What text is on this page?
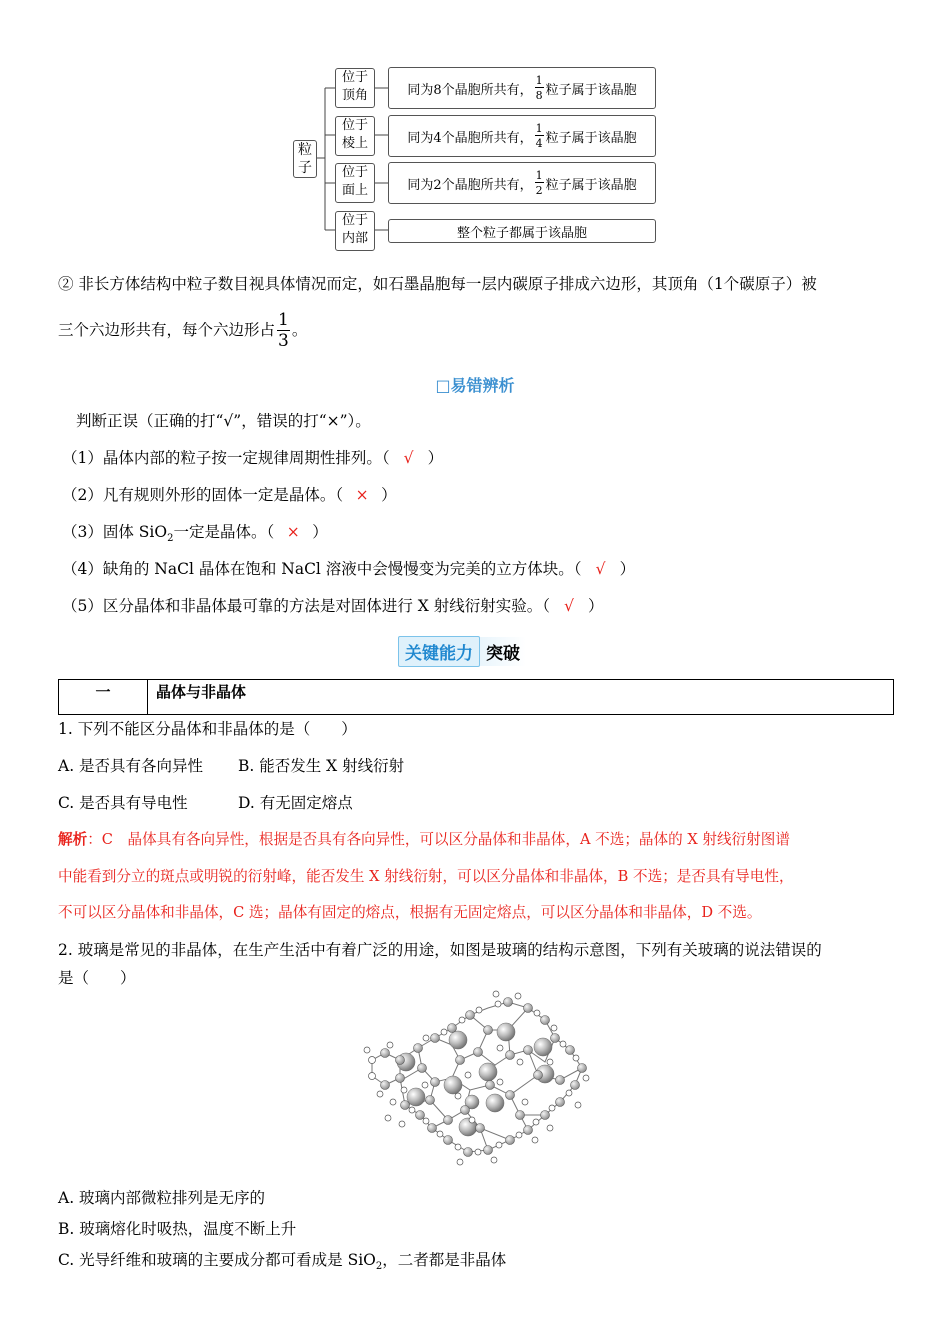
粒子
位于顶角	同为8个晶胞所共有， $\frac{1}{8}$ 粒子属于该晶胞
位于棱上	同为4个晶胞所共有， $\frac{1}{4}$ 粒子属于该晶胞
位于面上	同为2个晶胞所共有， $\frac{1}{2}$ 粒子属于该晶胞
位于内部	整个粒子都属于该晶胞
② 非长方体结构中粒子数目视具体情况而定，如石墨晶胞每一层内碳原子排成六边形，其顶角（1个碳原子）被
三个六边形共有，每个六边形占 $\frac{1}{3}$ 。
□易错辨析
判断正误（正确的打“√”，错误的打“×”）。
（1）晶体内部的粒子按一定规律周期性排列。（ √ ）
（2）凡有规则外形的固体一定是晶体。（ × ）
（3）固体 SiO$_2$一定是晶体。（ × ）
（4）缺角的 NaCl 晶体在饱和 NaCl 溶液中会慢慢变为完美的立方体块。（ √ ）
（5）区分晶体和非晶体最可靠的方法是对固体进行 X 射线衍射实验。（ √ ）
关键能力 突破
一	晶体与非晶体
1. 下列不能区分晶体和非晶体的是（　　）
A. 是否具有各向异性 B. 能否发生 X 射线衍射
C. 是否具有导电性	D. 有无固定熔点
解析：C　晶体具有各向异性，根据是否具有各向异性，可以区分晶体和非晶体，A 不选；晶体的 X 射线衍射图谱
中能看到分立的斑点或明锐的衍射峰，能否发生 X 射线衍射，可以区分晶体和非晶体，B 不选；是否具有导电性，
不可以区分晶体和非晶体，C 选；晶体有固定的熔点，根据有无固定熔点，可以区分晶体和非晶体，D 不选。
2. 玻璃是常见的非晶体，在生产生活中有着广泛的用途，如图是玻璃的结构示意图，下列有关玻璃的说法错误的
是（　　）
A. 玻璃内部微粒排列是无序的
B. 玻璃熔化时吸热，温度不断上升
C. 光导纤维和玻璃的主要成分都可看成是 SiO$_2$，二者都是非晶体
